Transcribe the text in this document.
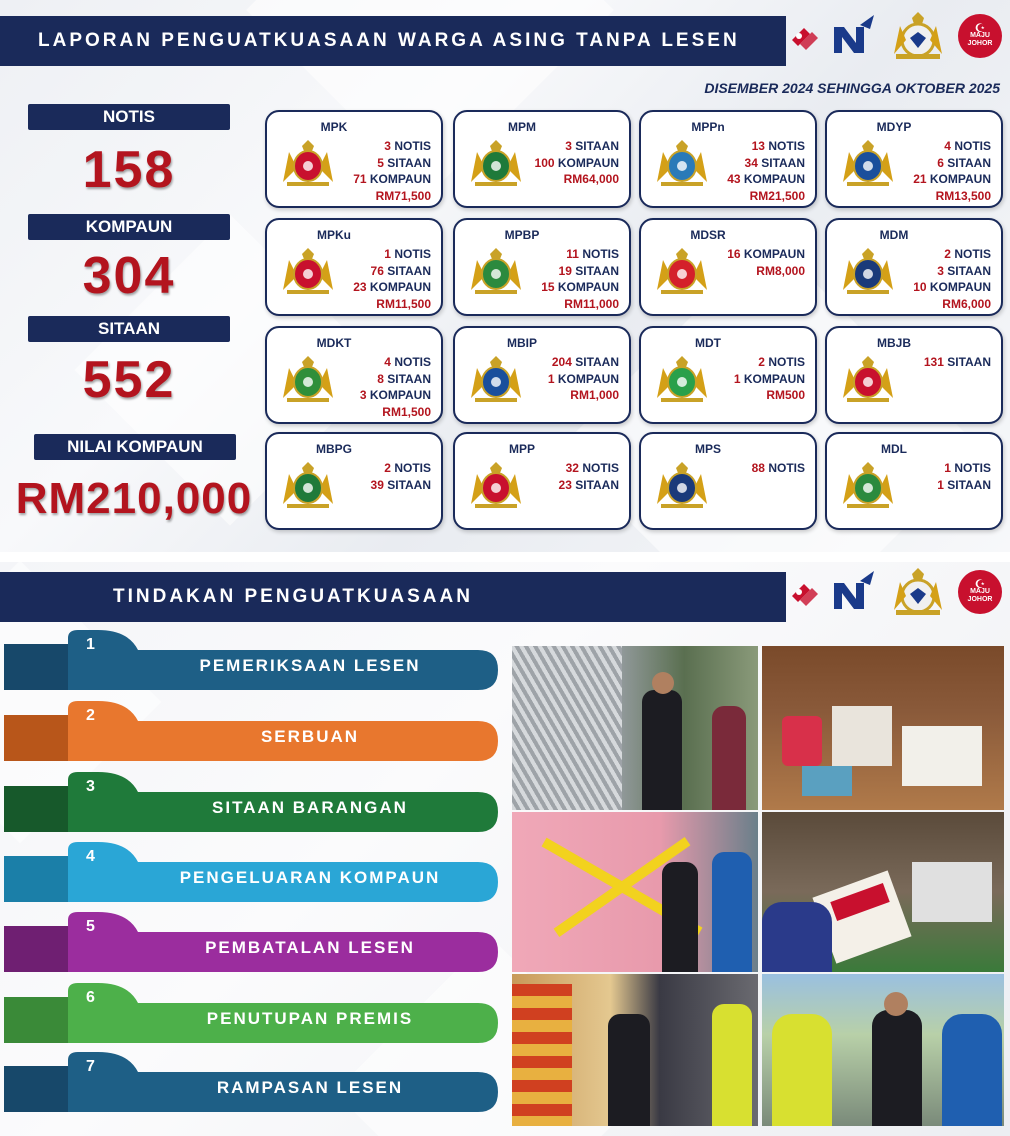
LAPORAN PENGUATKUASAAN WARGA ASING TANPA LESEN
☪
MAJU
JOHOR
DISEMBER 2024 SEHINGGA OKTOBER 2025
NOTIS
158
KOMPAUN
304
SITAAN
552
NILAI KOMPAUN
RM210,000
MPK
3 NOTIS
5 SITAAN
71 KOMPAUN
RM71,500
MPM
3 SITAAN
100 KOMPAUN
RM64,000
MPPn
13 NOTIS
34 SITAAN
43 KOMPAUN
RM21,500
MDYP
4 NOTIS
6 SITAAN
21 KOMPAUN
RM13,500
MPKu
1 NOTIS
76 SITAAN
23 KOMPAUN
RM11,500
MPBP
11 NOTIS
19 SITAAN
15 KOMPAUN
RM11,000
MDSR
16 KOMPAUN
RM8,000
MDM
2 NOTIS
3 SITAAN
10 KOMPAUN
RM6,000
MDKT
4 NOTIS
8 SITAAN
3 KOMPAUN
RM1,500
MBIP
204 SITAAN
1 KOMPAUN
RM1,000
MDT
2 NOTIS
1 KOMPAUN
RM500
MBJB
131 SITAAN
MBPG
2 NOTIS
39 SITAAN
MPP
32 NOTIS
23 SITAAN
MPS
88 NOTIS
MDL
1 NOTIS
1 SITAAN
TINDAKAN PENGUATKUASAAN
☪
MAJU
JOHOR
1
PEMERIKSAAN LESEN
2
SERBUAN
3
SITAAN BARANGAN
4
PENGELUARAN KOMPAUN
5
PEMBATALAN LESEN
6
PENUTUPAN PREMIS
7
RAMPASAN LESEN
